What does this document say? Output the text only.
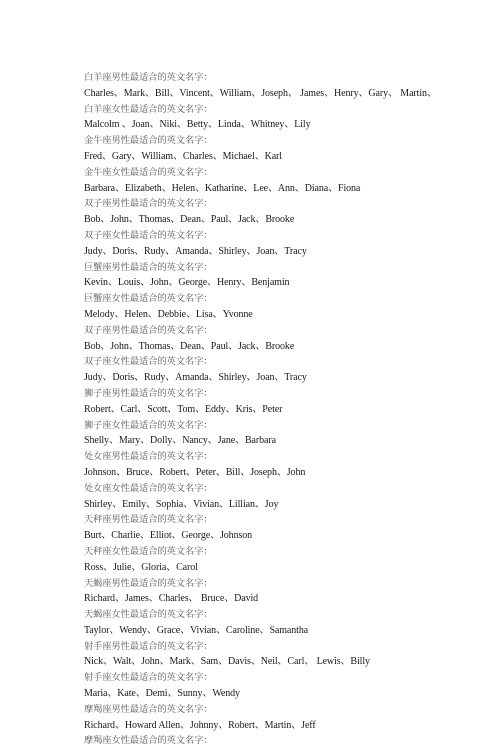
白羊座男性最适合的英文名字：
Charles、Mark、Bill、Vincent、William、Joseph、 James、Henry、Gary、 Martin、
白羊座女性最适合的英文名字：
Malcolm 、Joan、Niki、Betty、Linda、Whitney、Lily
金牛座男性最适合的英文名字：
Fred、Gary、William、Charles、Michael、Karl
金牛座女性最适合的英文名字：
Barbara、Elizabeth、Helen、Katharine、Lee、Ann、Diana、Fiona
双子座男性最适合的英文名字：
Bob、John、Thomas、Dean、Paul、Jack、Brooke
双子座女性最适合的英文名字：
Judy、Doris、Rudy、Amanda、Shirley、Joan、Tracy
巨蟹座男性最适合的英文名字：
Kevin、Louis、John、George、Henry、Benjamin
巨蟹座女性最适合的英文名字：
Melody、Helen、Debbie、Lisa、Yvonne
双子座男性最适合的英文名字：
Bob、John、Thomas、Dean、Paul、Jack、Brooke
双子座女性最适合的英文名字：
Judy、Doris、Rudy、Amanda、Shirley、Joan、Tracy
狮子座男性最适合的英文名字：
Robert、Carl、Scott、Tom、Eddy、Kris、Peter
狮子座女性最适合的英文名字：
Shelly、Mary、Dolly、Nancy、Jane、Barbara
处女座男性最适合的英文名字：
Johnson、Bruce、Robert、Peter、Bill、Joseph、John
处女座女性最适合的英文名字：
Shirley、Emily、Sophia、Vivian、Lillian、Joy
天秤座男性最适合的英文名字：
Burt、Charlie、Elliot、George、Johnson
天秤座女性最适合的英文名字：
Ross、Julie、Gloria、Carol
天蝎座男性最适合的英文名字：
Richard、James、Charles、 Bruce、David
天蝎座女性最适合的英文名字：
Taylor、Wendy、Grace、Vivian、Caroline、Samantha
射手座男性最适合的英文名字：
Nick、Walt、John、Mark、Sam、Davis、Neil、Carl、 Lewis、Billy
射手座女性最适合的英文名字：
Maria、Kate、Demi、Sunny、Wendy
摩羯座男性最适合的英文名字：
Richard、Howard Allen、Johnny、Robert、Martin、Jeff
摩羯座女性最适合的英文名字：
